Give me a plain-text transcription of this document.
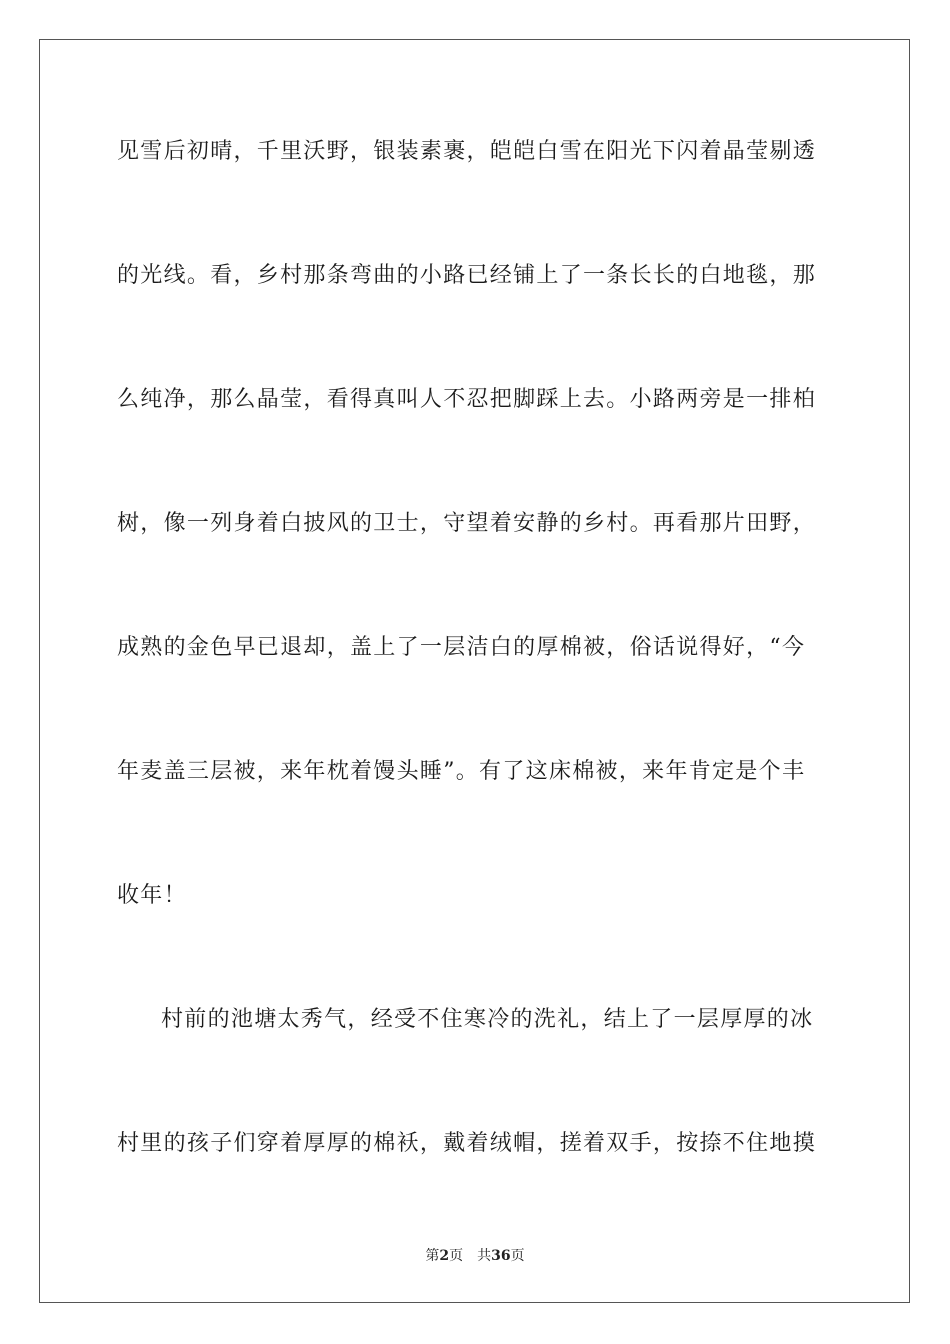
见雪后初晴，千里沃野，银装素裹，皑皑白雪在阳光下闪着晶莹剔透
的光线。看，乡村那条弯曲的小路已经铺上了一条长长的白地毯，那
么纯净，那么晶莹，看得真叫人不忍把脚踩上去。小路两旁是一排柏
树，像一列身着白披风的卫士，守望着安静的乡村。再看那片田野，
成熟的金色早已退却，盖上了一层洁白的厚棉被，俗话说得好，“今
年麦盖三层被，来年枕着馒头睡”。有了这床棉被，来年肯定是个丰
收年！
村前的池塘太秀气，经受不住寒冷的洗礼，结上了一层厚厚的冰
村里的孩子们穿着厚厚的棉袄，戴着绒帽，搓着双手，按捺不住地摸
第2页 共36页
